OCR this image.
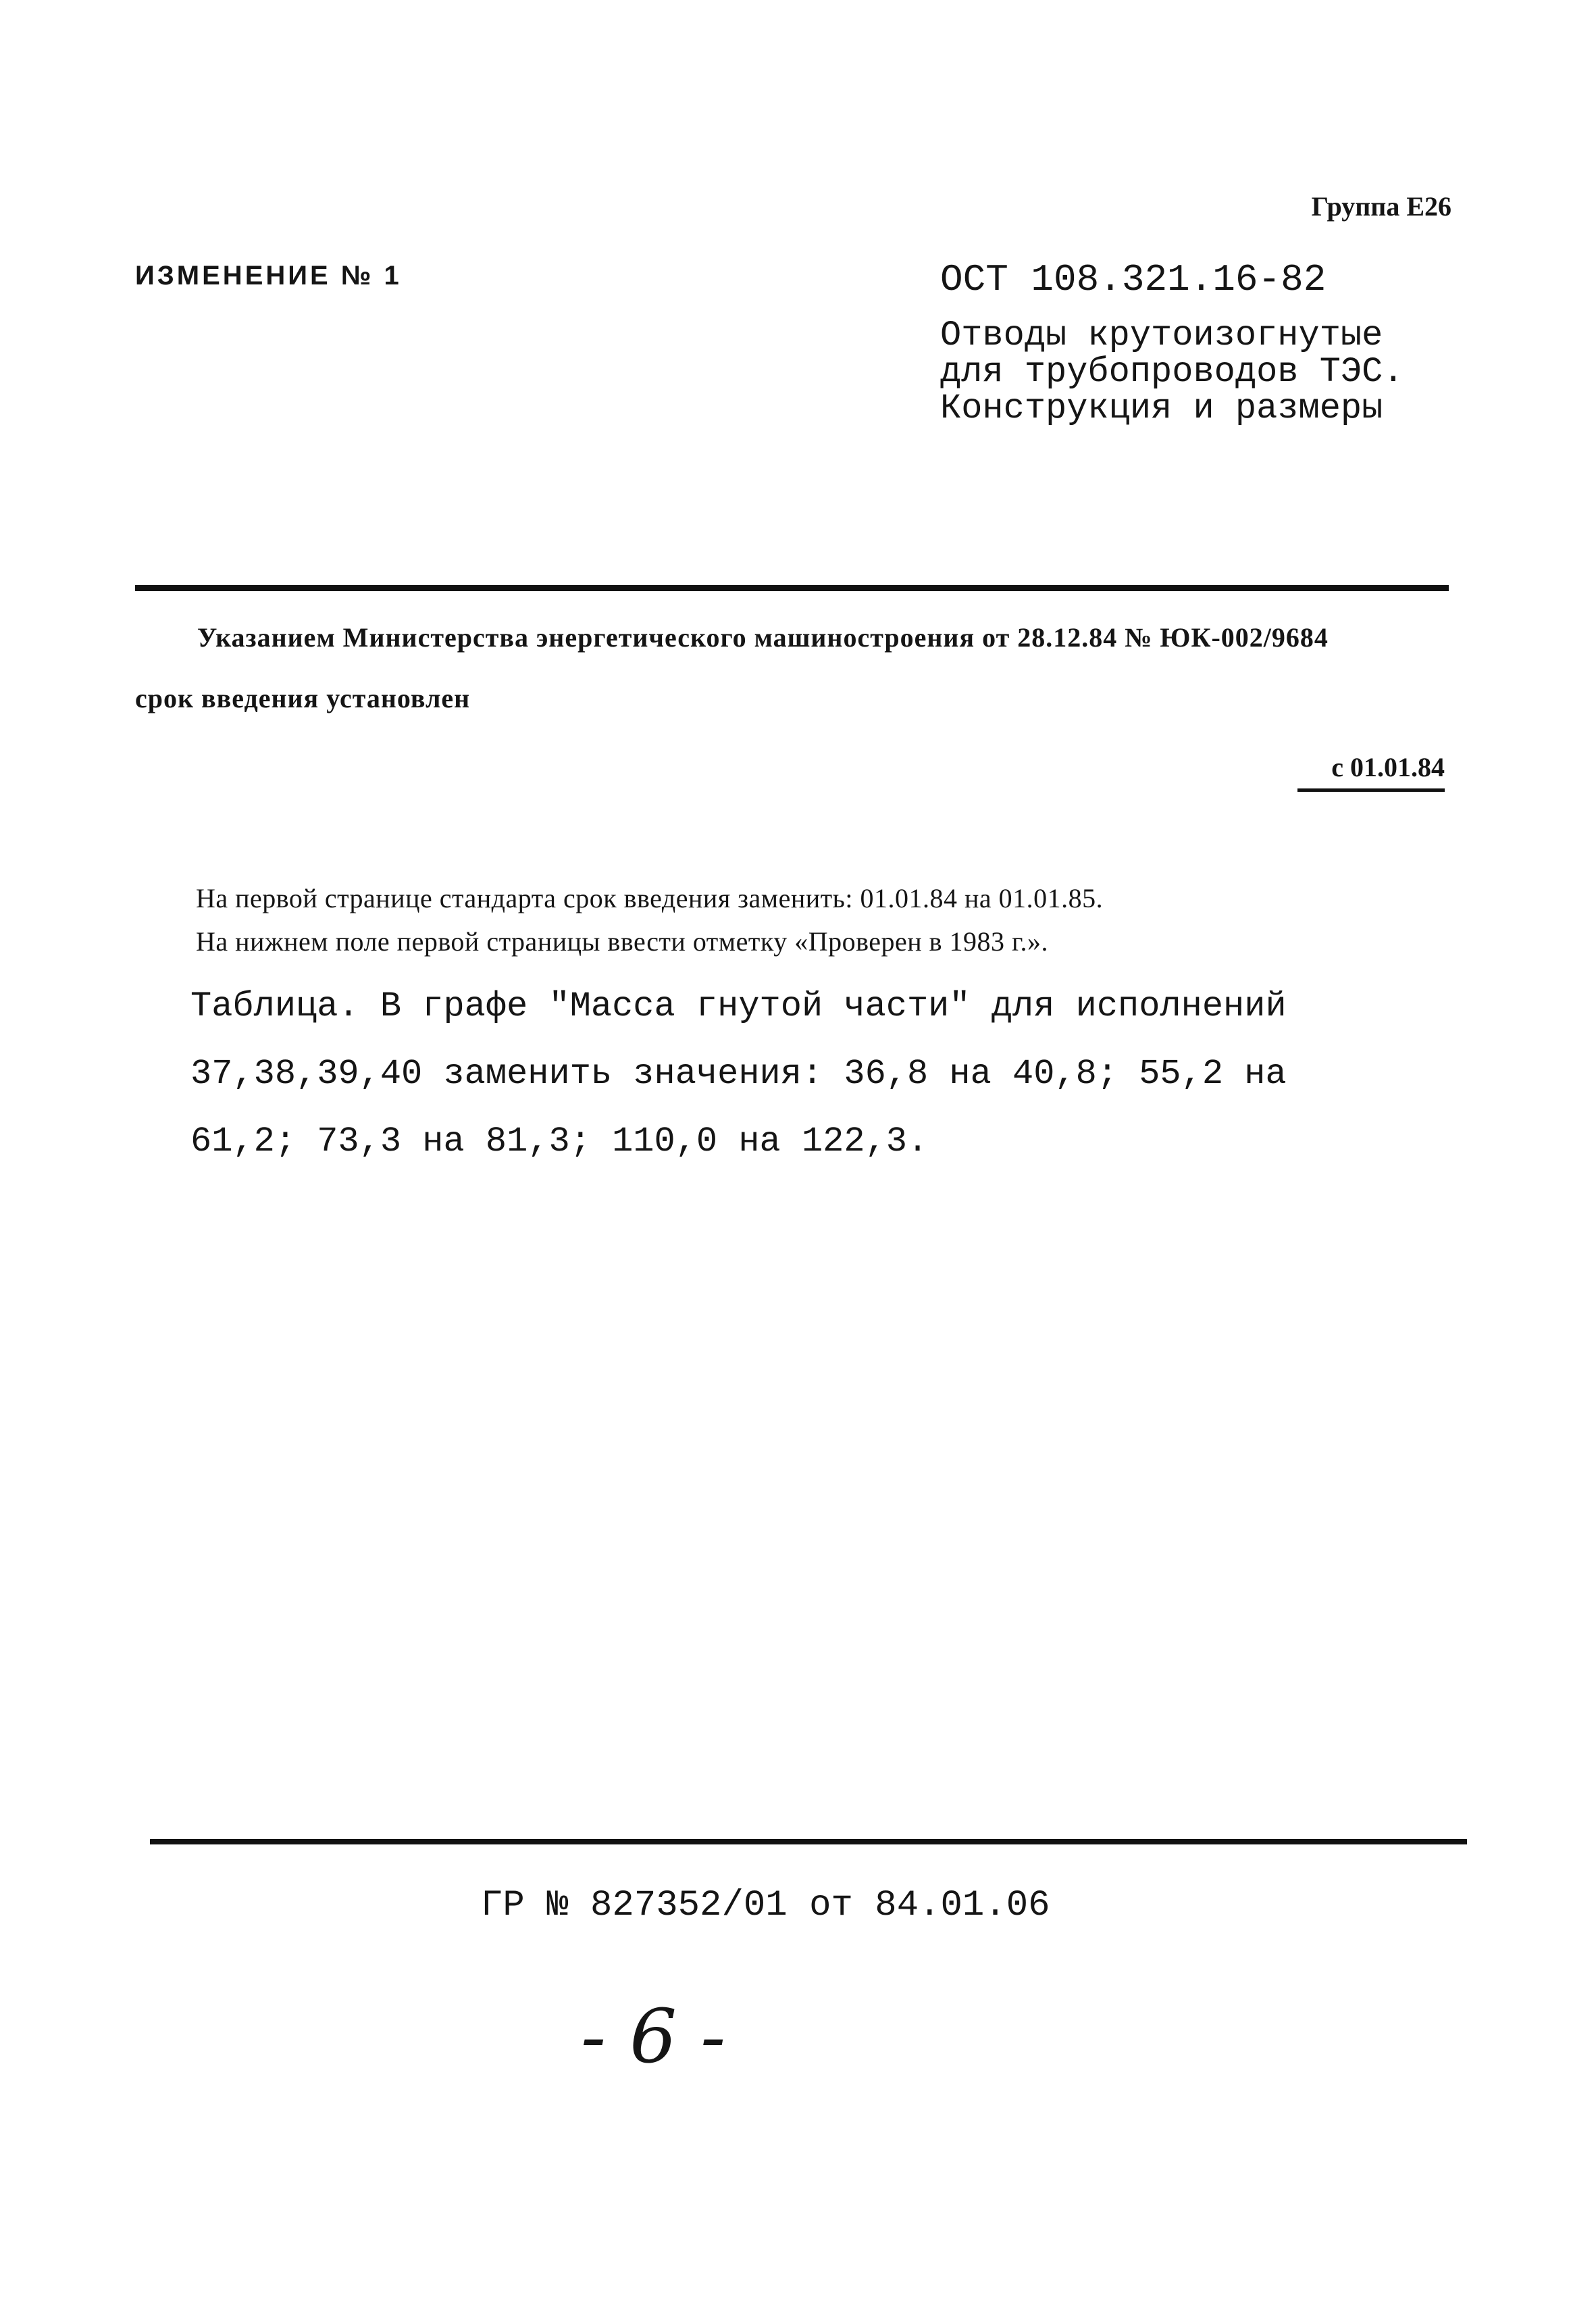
Группа Е26
ИЗМЕНЕНИЕ № 1	ОСТ 108.321.16-82
Отводы крутоизогнутые
для трубопроводов ТЭС.
Конструкция и размеры
Указанием Министерства энергетического машиностроения от 28.12.84 № ЮК-002/9684
срок введения установлен
с 01.01.84
На первой странице стандарта срок введения заменить: 01.01.84 на 01.01.85.
На нижнем поле первой страницы ввести отметку «Проверен в 1983 г.».
Таблица. В графе "Масса гнутой части" для исполнений
37,38,39,40 заменить значения: 36,8 на 40,8; 55,2 на
61,2; 73,3 на 81,3; 110,0 на 122,3.
ГР № 827352/01 от 84.01.06
- 6 -
